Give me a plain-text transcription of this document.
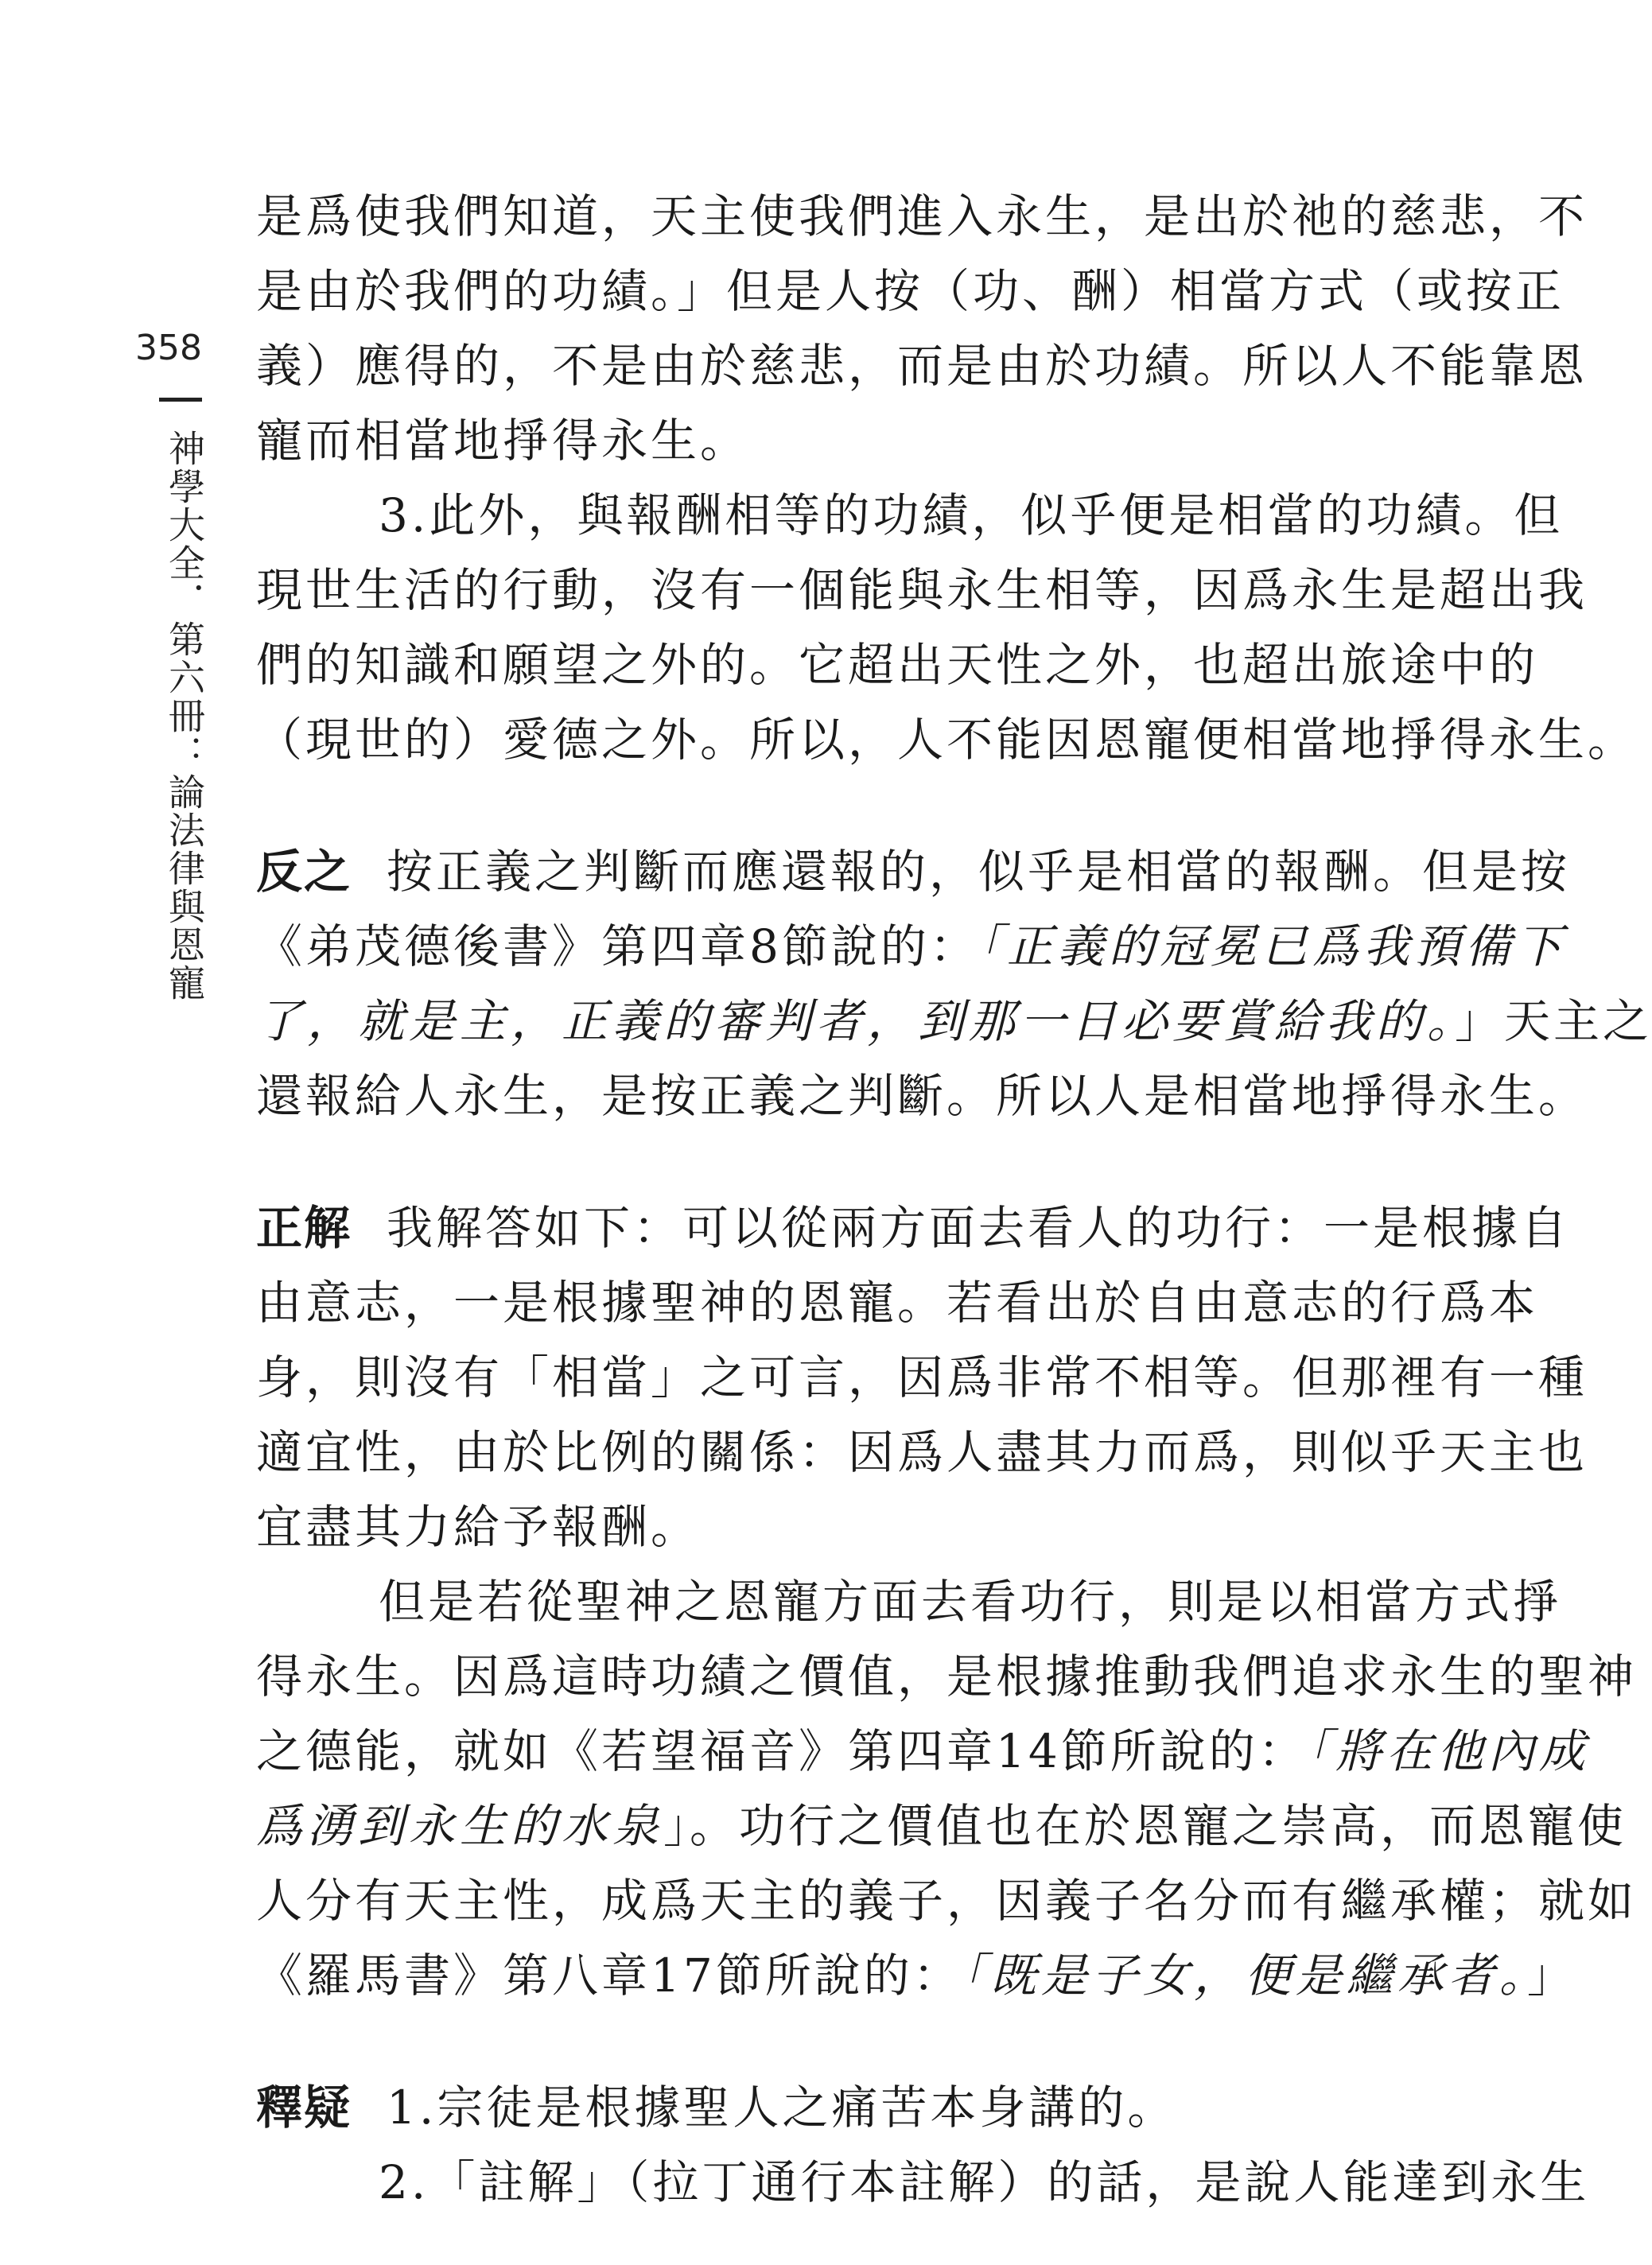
358
神學大全．第六冊：論法律與恩寵
是爲使我們知道，天主使我們進入永生，是出於祂的慈悲，不
是由於我們的功績。」但是人按（功、酬）相當方式（或按正
義）應得的，不是由於慈悲，而是由於功績。所以人不能靠恩
寵而相當地掙得永生。
3.此外，與報酬相等的功績，似乎便是相當的功績。但
現世生活的行動，沒有一個能與永生相等，因爲永生是超出我
們的知識和願望之外的。它超出天性之外，也超出旅途中的
（現世的）愛德之外。所以，人不能因恩寵便相當地掙得永生。
反之 按正義之判斷而應還報的，似乎是相當的報酬。但是按
《弟茂德後書》第四章8節說的：「正義的冠冕已爲我預備下
了，就是主，正義的審判者，到那一日必要賞給我的。」天主之
還報給人永生，是按正義之判斷。所以人是相當地掙得永生。
正解 我解答如下：可以從兩方面去看人的功行：一是根據自
由意志，一是根據聖神的恩寵。若看出於自由意志的行爲本
身，則沒有「相當」之可言，因爲非常不相等。但那裡有一種
適宜性，由於比例的關係：因爲人盡其力而爲，則似乎天主也
宜盡其力給予報酬。
但是若從聖神之恩寵方面去看功行，則是以相當方式掙
得永生。因爲這時功績之價值，是根據推動我們追求永生的聖神
之德能，就如《若望福音》第四章14節所說的：「將在他內成
爲湧到永生的水泉」。功行之價值也在於恩寵之崇高，而恩寵使
人分有天主性，成爲天主的義子，因義子名分而有繼承權；就如
《羅馬書》第八章17節所說的：「既是子女，便是繼承者。」
釋疑 1.宗徒是根據聖人之痛苦本身講的。
2.「註解」（拉丁通行本註解）的話，是說人能達到永生
